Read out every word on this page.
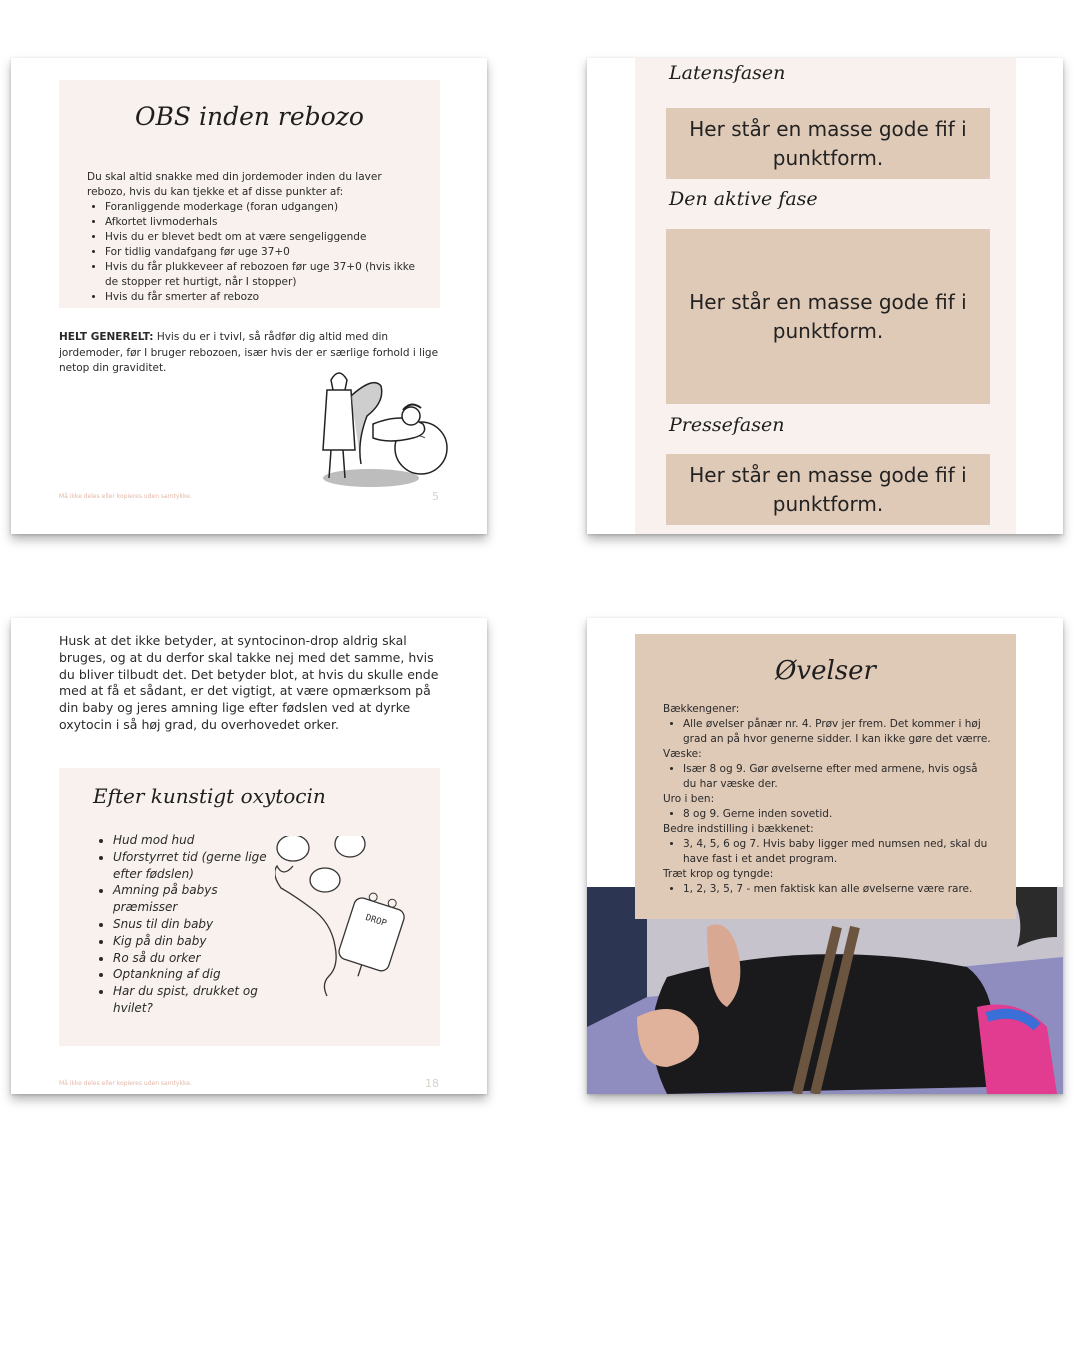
OBS inden rebozo
Du skal altid snakke med din jordemoder inden du laver rebozo, hvis du kan tjekke et af disse punkter af:
• Foranliggende moderkage (foran udgangen)
• Afkortet livmoderhals
• Hvis du er blevet bedt om at være sengeliggende
• For tidlig vandafgang før uge 37+0
• Hvis du får plukkeveer af rebozoen før uge 37+0 (hvis ikke de stopper ret hurtigt, når I stopper)
• Hvis du får smerter af rebozo
HELT GENERELT: Hvis du er i tvivl, så rådfør dig altid med din jordemoder, før I bruger rebozoen, især hvis der er særlige forhold i lige netop din graviditet.
Må ikke deles eller kopieres uden samtykke.	5
Latensfasen
Her står en masse gode fif i punktform.
Den aktive fase
Her står en masse gode fif i punktform.
Pressefasen
Her står en masse gode fif i punktform.
Husk at det ikke betyder, at syntocinon-drop aldrig skal bruges, og at du derfor skal takke nej med det samme, hvis du bliver tilbudt det. Det betyder blot, at hvis du skulle ende med at få et sådant, er det vigtigt, at være opmærksom på din baby og jeres amning lige efter fødslen ved at dyrke oxytocin i så høj grad, du overhovedet orker.
Efter kunstigt oxytocin
• Hud mod hud
• Uforstyrret tid (gerne lige efter fødslen)
• Amning på babys præmisser
• Snus til din baby
• Kig på din baby
• Ro så du orker
• Optankning af dig
• Har du spist, drukket og hvilet?
DROP
Må ikke deles eller kopieres uden samtykke.	18
Øvelser
Bækkengener:
• Alle øvelser pånær nr. 4. Prøv jer frem. Det kommer i høj grad an på hvor generne sidder. I kan ikke gøre det værre.
Væske:
• Især 8 og 9. Gør øvelserne efter med armene, hvis også du har væske der.
Uro i ben:
• 8 og 9. Gerne inden sovetid.
Bedre indstilling i bækkenet:
• 3, 4, 5, 6 og 7. Hvis baby ligger med numsen ned, skal du have fast i et andet program.
Træt krop og tyngde:
• 1, 2, 3, 5, 7 - men faktisk kan alle øvelserne være rare.
